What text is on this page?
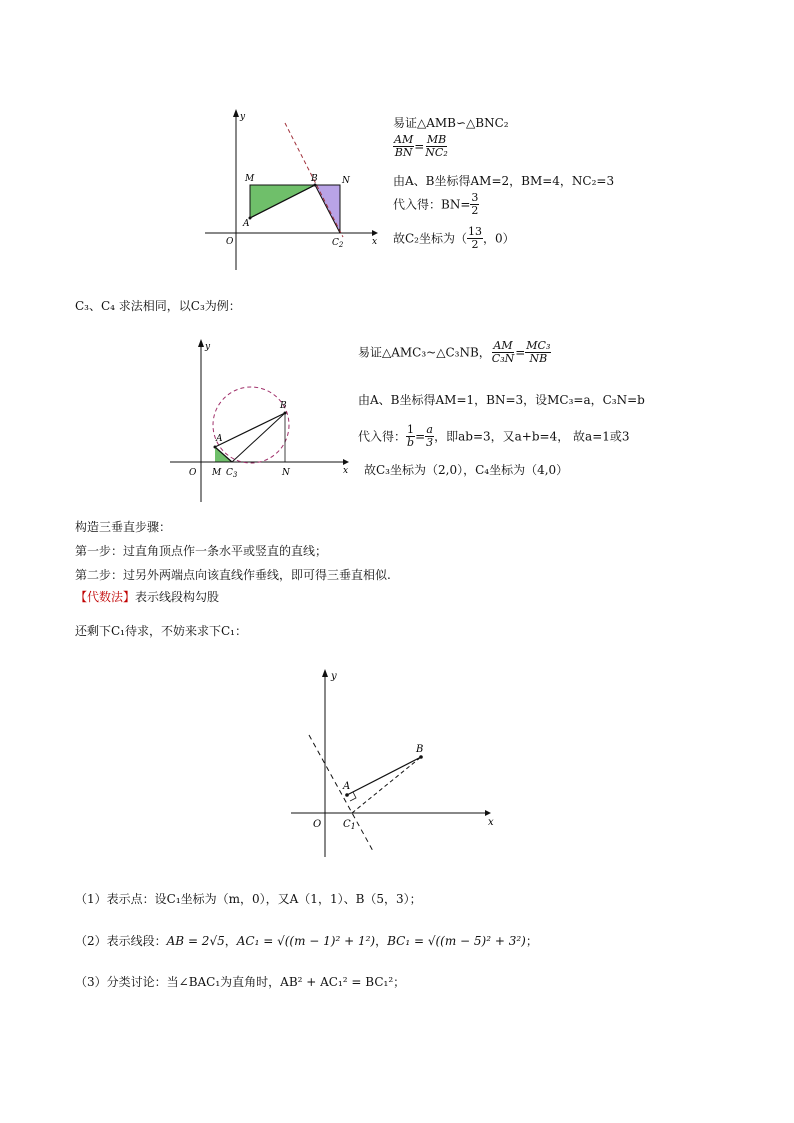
y
x
O
M	B	N
A
$C_2$
易证△AMB∽△BNC₂
$\frac{AM}{BN} = \frac{MB}{\text{NC₂}}$
由A、B坐标得AM=2，BM=4，NC₂=3
代入得：$BN= \frac{3}{2}$
故C₂坐标为（ $\frac{13}{2}$ ，0）
C₃、C₄ 求法相同，以C₃为例：
y
x
O M
A
B
N
$C_3$
易证△AMC₃~△C₃NB， $\frac{AM}{\text{C₃N}} = \frac{\text{MC₃}}{NB}$
由A、B坐标得AM=1，BN=3，设MC₃=a，C₃N=b
代入得： $\frac{1}{b} = \frac{a}{3}$ ，即ab=3，又a+b=4， 故a=1或3
故C₃坐标为（2,0），C₄坐标为（4,0）
构造三垂直步骤：
第一步：过直角顶点作一条水平或竖直的直线；
第二步：过另外两端点向该直线作垂线，即可得三垂直相似.
【代数法】表示线段构勾股
还剩下C₁待求，不妨来求下C₁：
y
x
O
A
B
$C_1$
（1）表示点：设C₁坐标为（m，0），又A（1，1）、B（5，3）；
（2）表示线段：AB = 2√5，AC₁ = √((m − 1)² + 1²)，BC₁ = √((m − 5)² + 3²)；
（3）分类讨论：当∠BAC₁为直角时，AB² + AC₁² = BC₁²；
